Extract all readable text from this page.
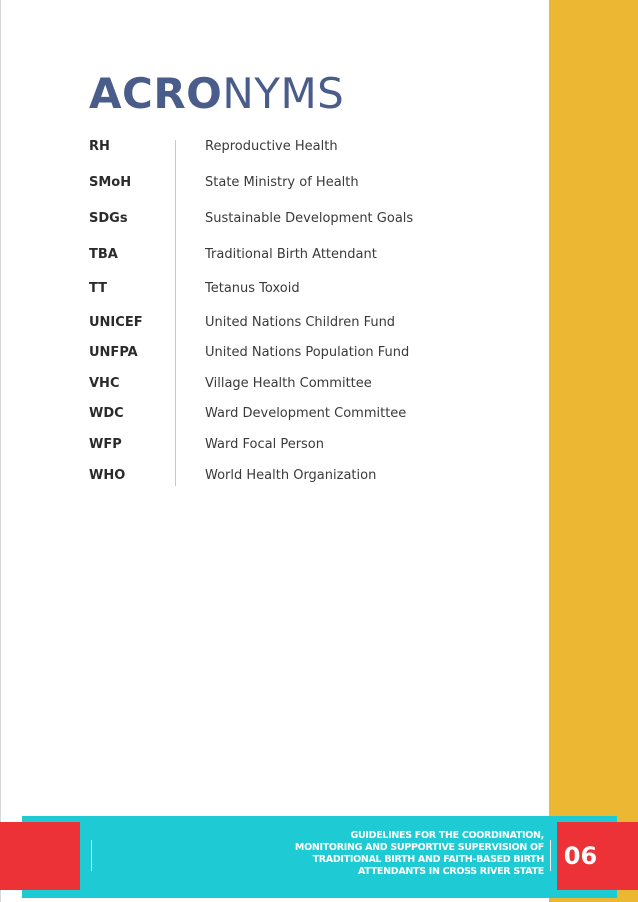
ACRONYMS
RH	Reproductive Health
SMoH	State Ministry of Health
SDGs	Sustainable Development Goals
TBA	Traditional Birth Attendant
TT	Tetanus Toxoid
UNICEF	United Nations Children Fund
UNFPA	United Nations Population Fund
VHC	Village Health Committee
WDC	Ward Development Committee
WFP	Ward Focal Person
WHO	World Health Organization
GUIDELINES FOR THE COORDINATION,
MONITORING AND SUPPORTIVE SUPERVISION OF
TRADITIONAL BIRTH AND FAITH-BASED BIRTH
ATTENDANTS IN CROSS RIVER STATE
06
